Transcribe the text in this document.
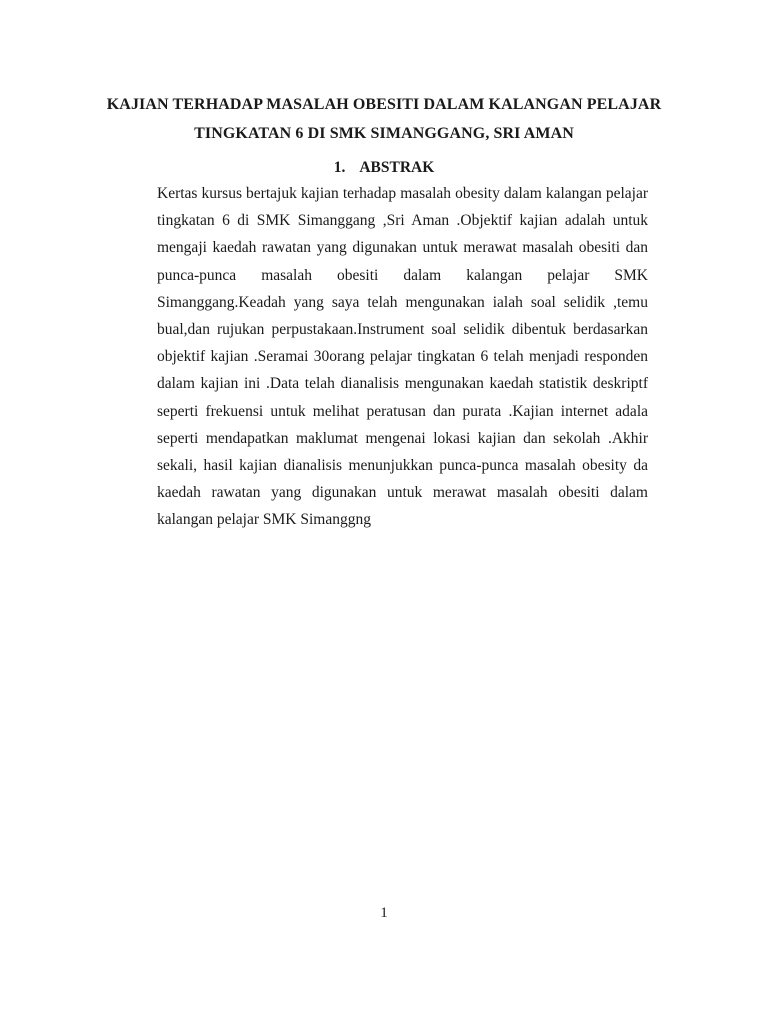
KAJIAN TERHADAP MASALAH OBESITI DALAM KALANGAN PELAJAR
TINGKATAN 6 DI SMK SIMANGGANG, SRI AMAN
1. ABSTRAK

Kertas kursus bertajuk kajian terhadap masalah obesity dalam kalangan pelajar tingkatan 6 di SMK Simanggang ,Sri Aman .Objektif kajian adalah untuk mengaji kaedah rawatan yang digunakan untuk merawat masalah obesiti dan punca-punca masalah obesiti dalam kalangan pelajar SMK Simanggang.Keadah yang saya telah mengunakan ialah soal selidik ,temu bual,dan rujukan perpustakaan.Instrument soal selidik dibentuk berdasarkan objektif kajian .Seramai 30orang pelajar tingkatan 6 telah menjadi responden dalam kajian ini .Data telah dianalisis mengunakan kaedah statistik deskriptf seperti frekuensi untuk melihat peratusan dan purata .Kajian internet adala seperti mendapatkan maklumat mengenai lokasi kajian dan sekolah .Akhir sekali, hasil kajian dianalisis menunjukkan punca-punca masalah obesity da kaedah rawatan yang digunakan untuk merawat masalah obesiti dalam kalangan pelajar SMK Simanggng

1
